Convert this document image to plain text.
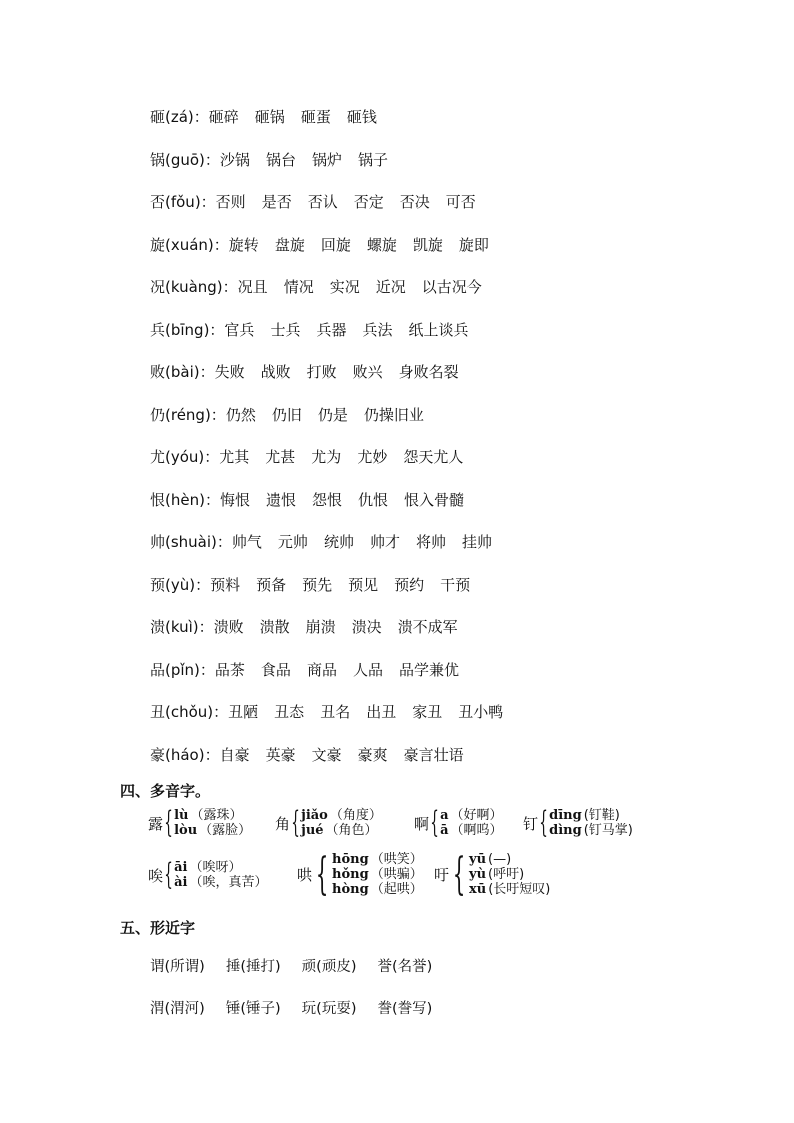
砸(zá)：砸碎 砸锅 砸蛋 砸钱
锅(guō)：沙锅 锅台 锅炉 锅子
否(fǒu)：否则 是否 否认 否定 否决 可否
旋(xuán)：旋转 盘旋 回旋 螺旋 凯旋 旋即
况(kuàng)：况且 情况 实况 近况 以古况今
兵(bīng)：官兵 士兵 兵器 兵法 纸上谈兵
败(bài)：失败 战败 打败 败兴 身败名裂
仍(réng)：仍然 仍旧 仍是 仍操旧业
尤(yóu)：尤其 尤甚 尤为 尤妙 怨天尤人
恨(hèn)：悔恨 遗恨 怨恨 仇恨 恨入骨髓
帅(shuài)：帅气 元帅 统帅 帅才 将帅 挂帅
预(yù)：预料 预备 预先 预见 预约 干预
溃(kuì)：溃败 溃散 崩溃 溃决 溃不成军
品(pǐn)：品茶 食品 商品 人品 品学兼优
丑(chǒu)：丑陋 丑态 丑名 出丑 家丑 丑小鸭
豪(háo)：自豪 英豪 文豪 豪爽 豪言壮语
四、多音字。
露 { lù （露珠）
lòu （露脸） 角 { jiǎo （角度）
jué （角色） 啊 { a （好啊）
ā （啊呜） 钉 { dīng (钉鞋)
dìng (钉马掌)
唉 { āi （唉呀）
ài （唉，真苦） 哄 { hōng （哄笑）
hǒng （哄骗）
hòng （起哄）
吁 { yū (—)
yù (呼吁)
xū (长吁短叹)
五、形近字
谓(所谓) 捶(捶打) 顽(顽皮) 誉(名誉)
渭(渭河) 锤(锤子) 玩(玩耍) 誊(誊写)
